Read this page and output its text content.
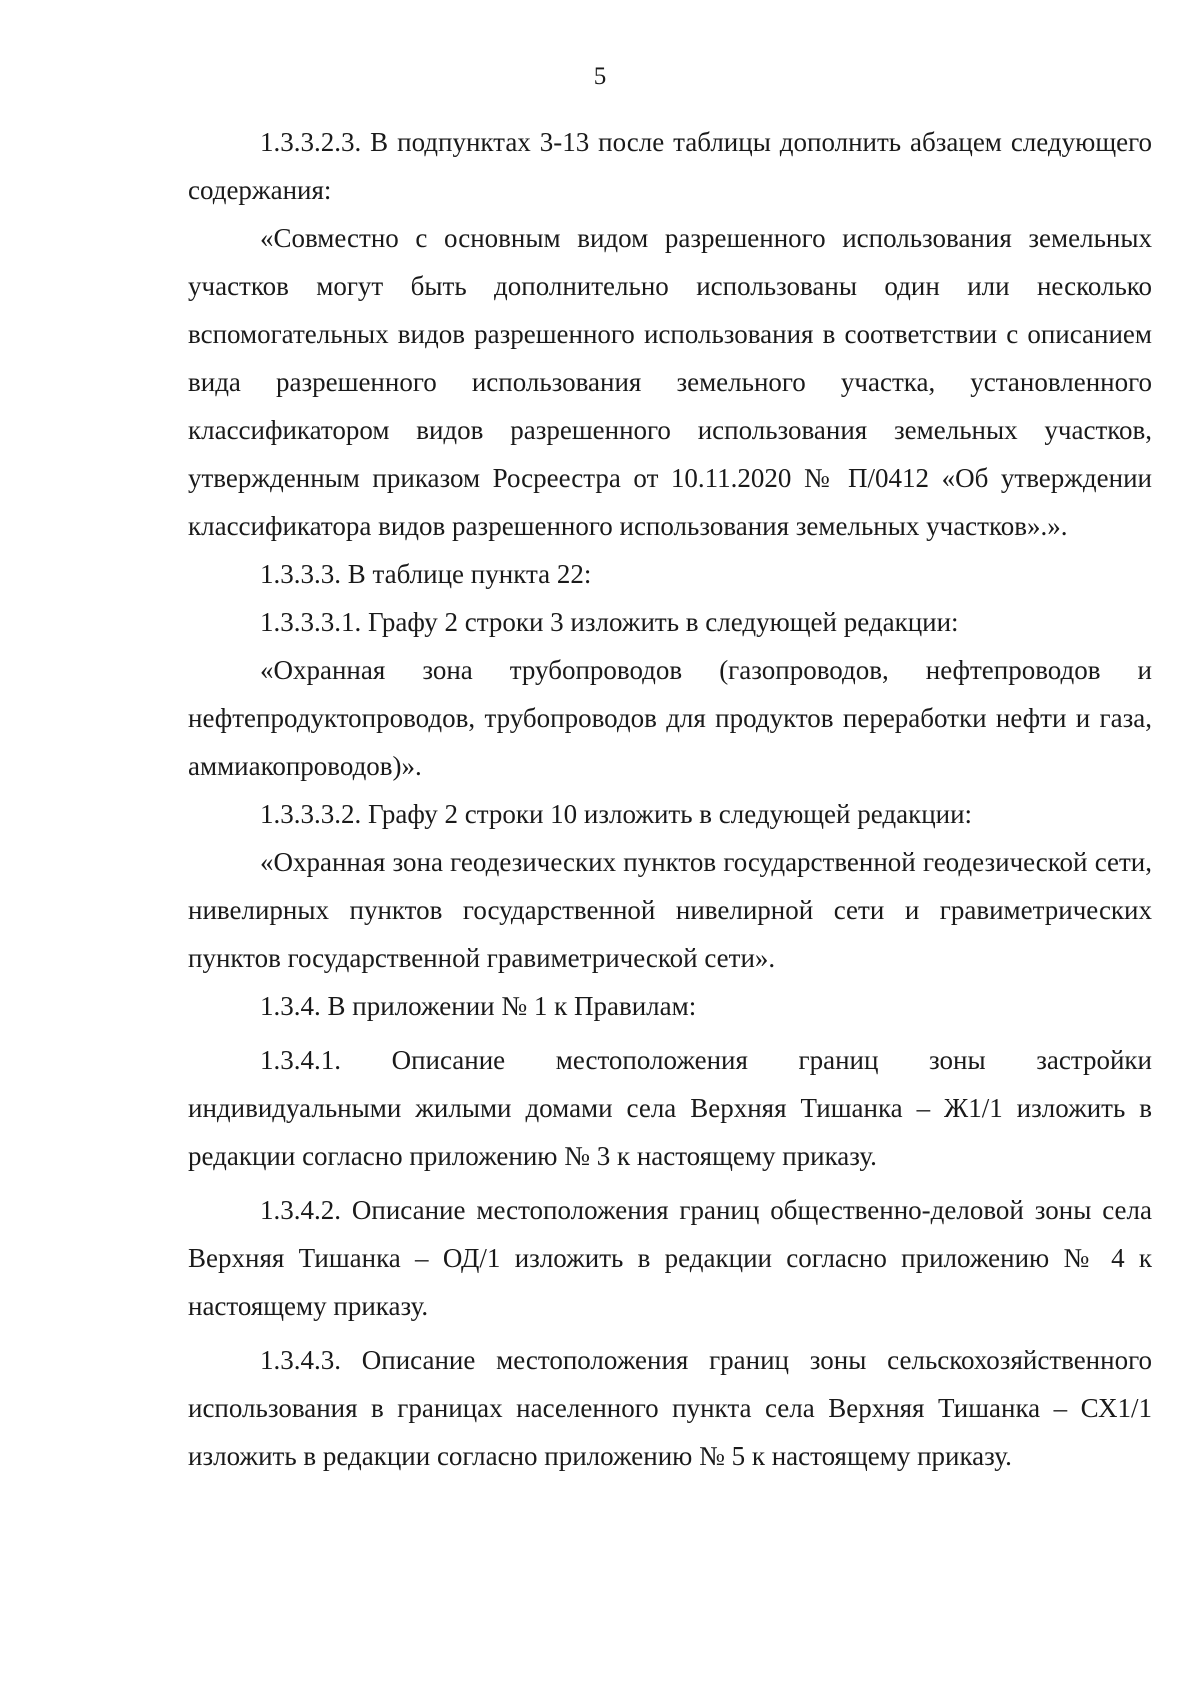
5

1.3.3.2.3. В подпунктах 3-13 после таблицы дополнить абзацем следующего содержания:

«Совместно с основным видом разрешенного использования земельных участков могут быть дополнительно использованы один или несколько вспомогательных видов разрешенного использования в соответствии с описанием вида разрешенного использования земельного участка, установленного классификатором видов разрешенного использования земельных участков, утвержденным приказом Росреестра от 10.11.2020 № П/0412 «Об утверждении классификатора видов разрешенного использования земельных участков».».

1.3.3.3. В таблице пункта 22:

1.3.3.3.1. Графу 2 строки 3 изложить в следующей редакции:

«Охранная зона трубопроводов (газопроводов, нефтепроводов и нефтепродуктопроводов, трубопроводов для продуктов переработки нефти и газа, аммиакопроводов)».

1.3.3.3.2. Графу 2 строки 10 изложить в следующей редакции:

«Охранная зона геодезических пунктов государственной геодезической сети, нивелирных пунктов государственной нивелирной сети и гравиметрических пунктов государственной гравиметрической сети».

1.3.4. В приложении № 1 к Правилам:

1.3.4.1. Описание местоположения границ зоны застройки индивидуальными жилыми домами села Верхняя Тишанка – Ж1/1 изложить в редакции согласно приложению № 3 к настоящему приказу.

1.3.4.2. Описание местоположения границ общественно-деловой зоны села Верхняя Тишанка – ОД/1 изложить в редакции согласно приложению № 4 к настоящему приказу.

1.3.4.3. Описание местоположения границ зоны сельскохозяйственного использования в границах населенного пункта села Верхняя Тишанка – СХ1/1 изложить в редакции согласно приложению № 5 к настоящему приказу.
